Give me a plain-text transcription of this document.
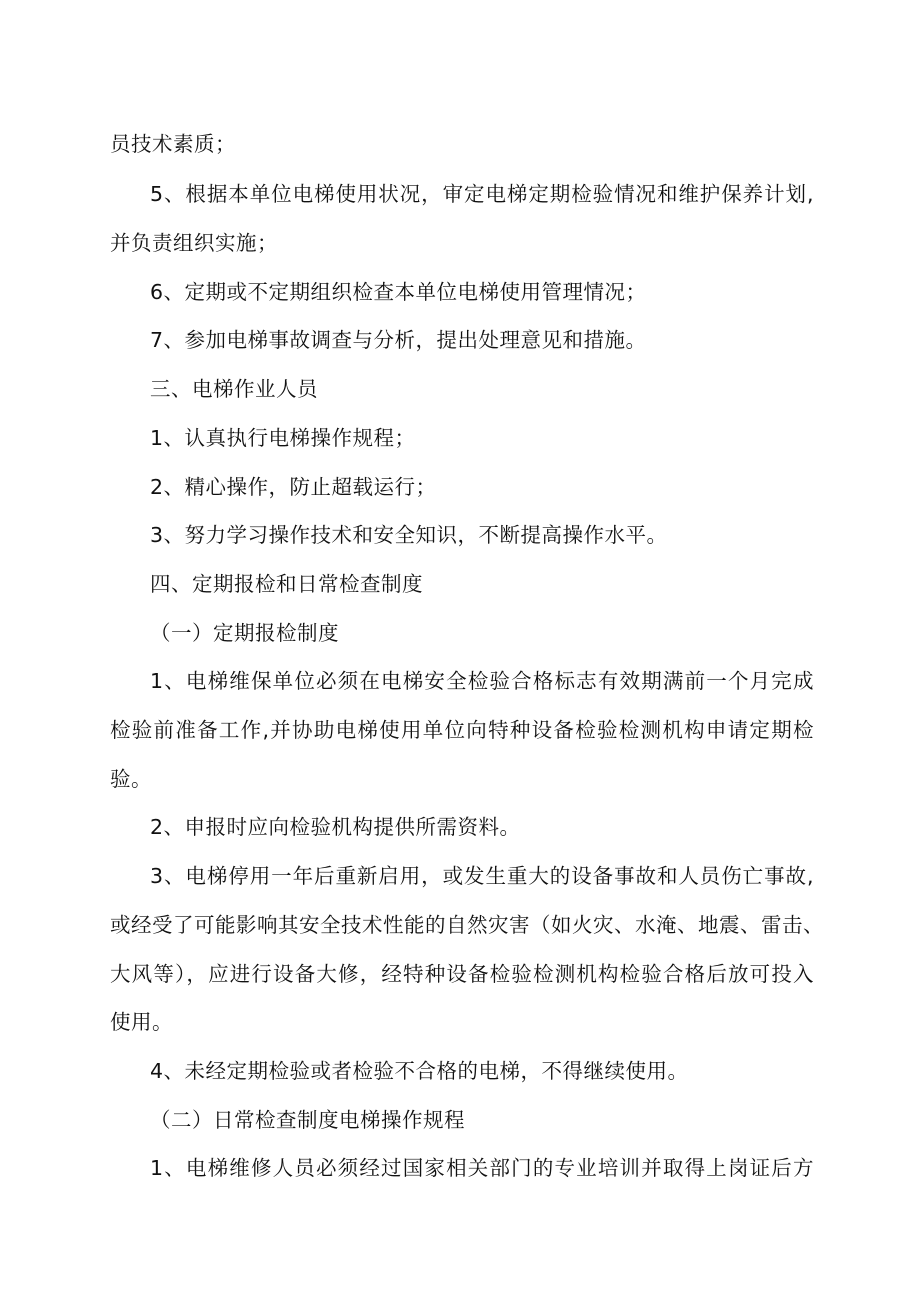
员技术素质；
5、根据本单位电梯使用状况，审定电梯定期检验情况和维护保养计划,
并负责组织实施；
6、定期或不定期组织检查本单位电梯使用管理情况；
7、参加电梯事故调查与分析，提出处理意见和措施。
三、电梯作业人员
1、认真执行电梯操作规程；
2、精心操作，防止超载运行；
3、努力学习操作技术和安全知识，不断提高操作水平。
四、定期报检和日常检查制度
（一）定期报检制度
1、电梯维保单位必须在电梯安全检验合格标志有效期满前一个月完成
检验前准备工作,并协助电梯使用单位向特种设备检验检测机构申请定期检
验。
2、申报时应向检验机构提供所需资料。
3、电梯停用一年后重新启用，或发生重大的设备事故和人员伤亡事故,
或经受了可能影响其安全技术性能的自然灾害（如火灾、水淹、地震、雷击、
大风等），应进行设备大修，经特种设备检验检测机构检验合格后放可投入
使用。
4、未经定期检验或者检验不合格的电梯，不得继续使用。
（二）日常检查制度电梯操作规程
1、电梯维修人员必须经过国家相关部门的专业培训并取得上岗证后方
